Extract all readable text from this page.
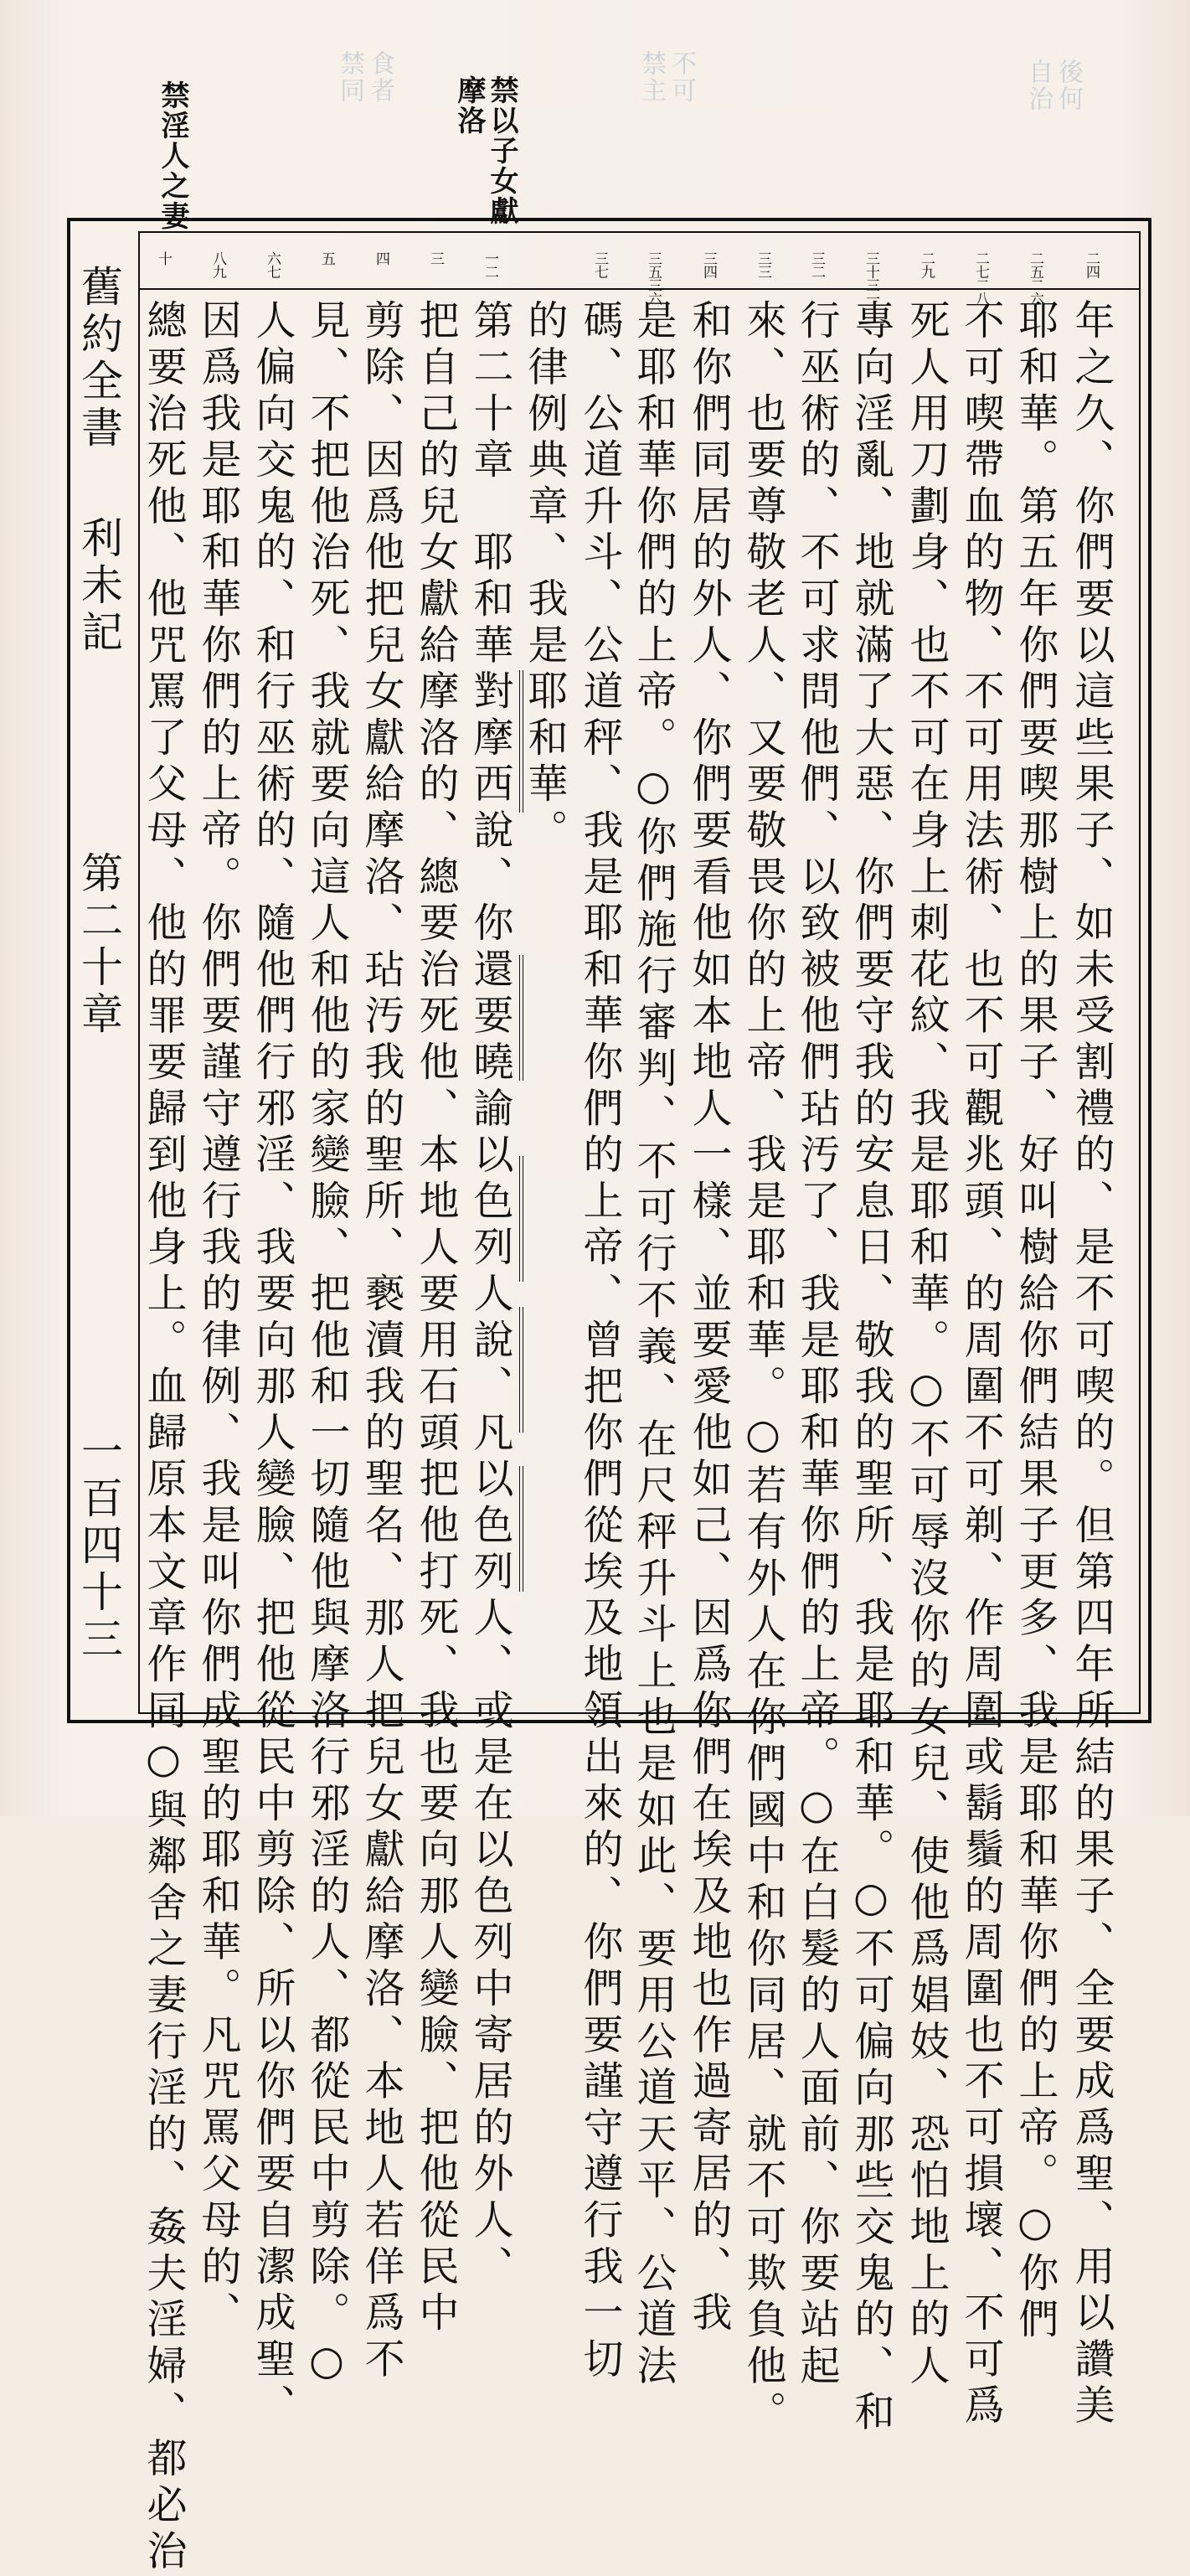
自治 後何
禁主 不可
禁同 食者	禁以子女獻
摩洛
禁淫人之妻
舊約全書
利未記
第二十章
一百四十三
二四
二五二六
二七二八
二九
三十三一
三二
三三
三四
三五三六
三七
一二
三
四
五
六七
八九
十
年之久、你們要以這些果子、如未受割禮的、是不可喫的。但第四年所結的果子、全要成爲聖、用以讚美
耶和華。第五年你們要喫那樹上的果子、好叫樹給你們結果子更多、我是耶和華你們的上帝。○你們
不可喫帶血的物、不可用法術、也不可觀兆頭、的周圍不可剃、作周圍或鬍鬚的周圍也不可損壞、不可爲
死人用刀劃身、也不可在身上刺花紋、我是耶和華。○不可辱沒你的女兒、使他爲娼妓、恐怕地上的人
專向淫亂、地就滿了大惡、你們要守我的安息日、敬我的聖所、我是耶和華。○不可偏向那些交鬼的、和
行巫術的、不可求問他們、以致被他們玷汚了、我是耶和華你們的上帝。○在白髮的人面前、你要站起
來、也要尊敬老人、又要敬畏你的上帝、我是耶和華。○若有外人在你們國中和你同居、就不可欺負他。
和你們同居的外人、你們要看他如本地人一樣、並要愛他如己、因爲你們在埃及地也作過寄居的、我
是耶和華你們的上帝。○你們施行審判、不可行不義、在尺秤升斗上也是如此、要用公道天平、公道法
碼、公道升斗、公道秤、我是耶和華你們的上帝、曾把你們從埃及地領出來的、你們要謹守遵行我一切
的律例典章、我是耶和華。
第二十章　耶和華對摩西說、你還要曉諭以色列人說、凡以色列人、或是在以色列中寄居的外人、
把自己的兒女獻給摩洛的、總要治死他、本地人要用石頭把他打死、我也要向那人變臉、把他從民中
剪除、因爲他把兒女獻給摩洛、玷汚我的聖所、褻瀆我的聖名、那人把兒女獻給摩洛、本地人若佯爲不
見、不把他治死、我就要向這人和他的家變臉、把他和一切隨他與摩洛行邪淫的人、都從民中剪除。○
人偏向交鬼的、和行巫術的、隨他們行邪淫、我要向那人變臉、把他從民中剪除、所以你們要自潔成聖、
因爲我是耶和華你們的上帝。你們要謹守遵行我的律例、我是叫你們成聖的耶和華。凡咒罵父母的、
總要治死他、他咒罵了父母、他的罪要歸到他身上。血歸原本文章作同○與鄰舍之妻行淫的、姦夫淫婦、都必治
